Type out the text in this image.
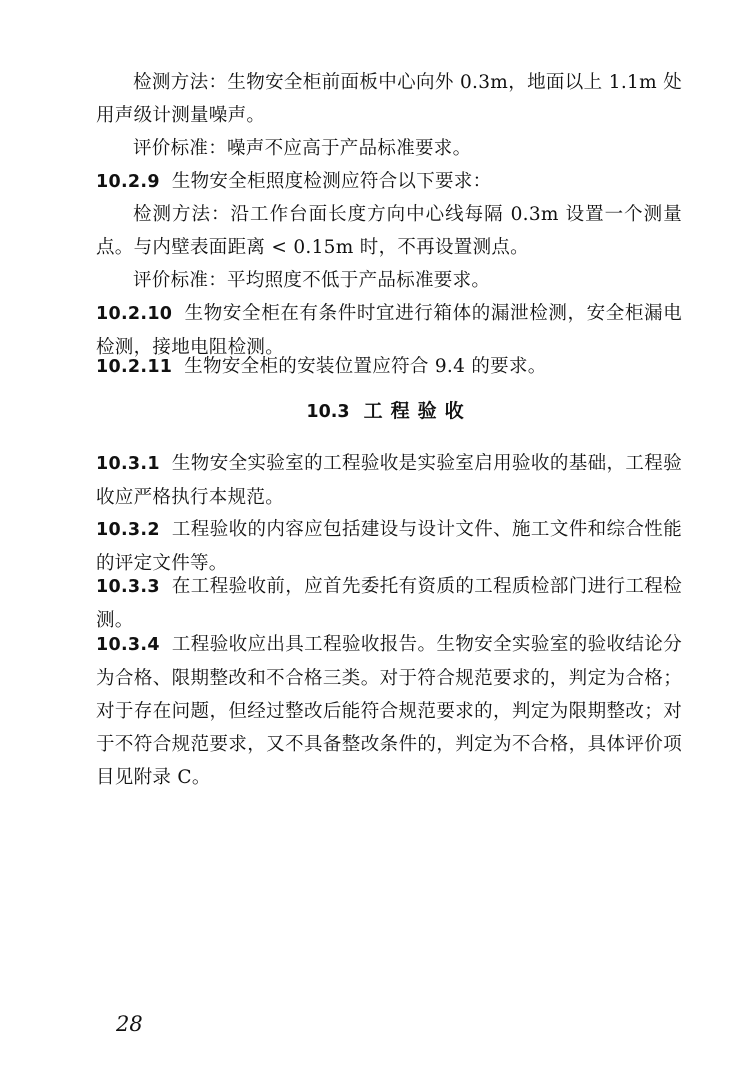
检测方法：生物安全柜前面板中心向外 0.3m，地面以上 1.1m 处用声级计测量噪声。

评价标准：噪声不应高于产品标准要求。

10.2.9 生物安全柜照度检测应符合以下要求：

检测方法：沿工作台面长度方向中心线每隔 0.3m 设置一个测量点。与内壁表面距离 < 0.15m 时，不再设置测点。

评价标准：平均照度不低于产品标准要求。

10.2.10 生物安全柜在有条件时宜进行箱体的漏泄检测，安全柜漏电检测，接地电阻检测。

10.2.11 生物安全柜的安装位置应符合 9.4 的要求。

10.3 工程验收

10.3.1 生物安全实验室的工程验收是实验室启用验收的基础，工程验收应严格执行本规范。

10.3.2 工程验收的内容应包括建设与设计文件、施工文件和综合性能的评定文件等。

10.3.3 在工程验收前，应首先委托有资质的工程质检部门进行工程检测。

10.3.4 工程验收应出具工程验收报告。生物安全实验室的验收结论分为合格、限期整改和不合格三类。对于符合规范要求的，判定为合格；对于存在问题，但经过整改后能符合规范要求的，判定为限期整改；对于不符合规范要求，又不具备整改条件的，判定为不合格，具体评价项目见附录 C。

28
